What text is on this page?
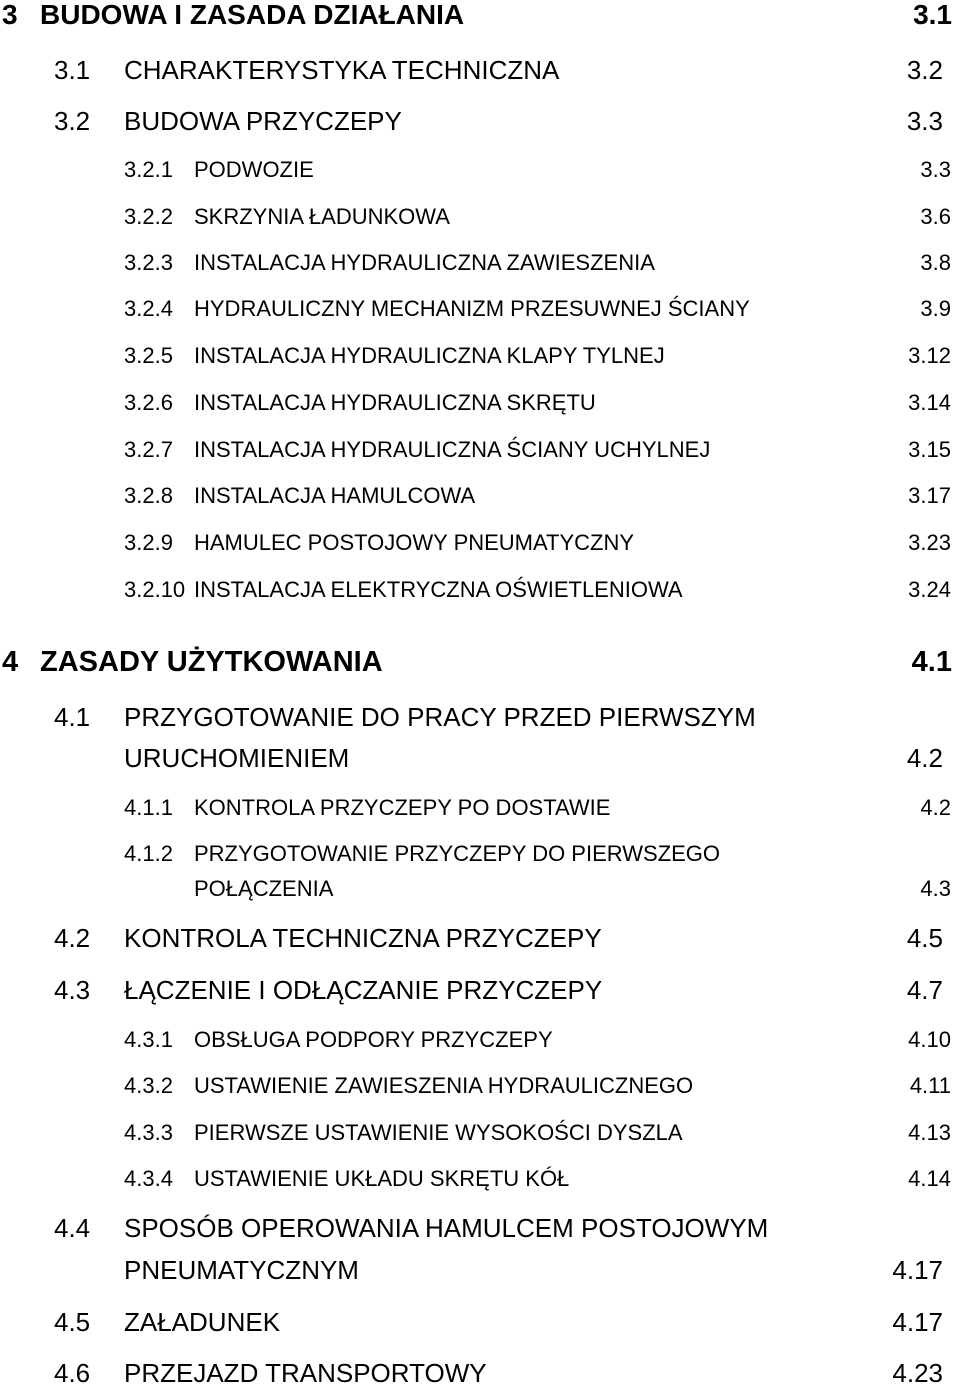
3 BUDOWA I ZASADA DZIAŁANIA	3.1
3.1 CHARAKTERYSTYKA TECHNICZNA	3.2
3.2 BUDOWA PRZYCZEPY	3.3
3.2.1 PODWOZIE	3.3
3.2.2 SKRZYNIA ŁADUNKOWA	3.6
3.2.3 INSTALACJA HYDRAULICZNA ZAWIESZENIA	3.8
3.2.4 HYDRAULICZNY MECHANIZM PRZESUWNEJ ŚCIANY	3.9
3.2.5 INSTALACJA HYDRAULICZNA KLAPY TYLNEJ	3.12
3.2.6 INSTALACJA HYDRAULICZNA SKRĘTU	3.14
3.2.7 INSTALACJA HYDRAULICZNA ŚCIANY UCHYLNEJ	3.15
3.2.8 INSTALACJA HAMULCOWA	3.17
3.2.9 HAMULEC POSTOJOWY PNEUMATYCZNY	3.23
3.2.10 INSTALACJA ELEKTRYCZNA OŚWIETLENIOWA	3.24
4 ZASADY UŻYTKOWANIA	4.1
4.1 PRZYGOTOWANIE DO PRACY PRZED PIERWSZYM
URUCHOMIENIEM	4.2
4.1.1 KONTROLA PRZYCZEPY PO DOSTAWIE	4.2
4.1.2 PRZYGOTOWANIE PRZYCZEPY DO PIERWSZEGO
POŁĄCZENIA	4.3
4.2 KONTROLA TECHNICZNA PRZYCZEPY	4.5
4.3 ŁĄCZENIE I ODŁĄCZANIE PRZYCZEPY	4.7
4.3.1 OBSŁUGA PODPORY PRZYCZEPY	4.10
4.3.2 USTAWIENIE ZAWIESZENIA HYDRAULICZNEGO	4.11
4.3.3 PIERWSZE USTAWIENIE WYSOKOŚCI DYSZLA	4.13
4.3.4 USTAWIENIE UKŁADU SKRĘTU KÓŁ	4.14
4.4 SPOSÓB OPEROWANIA HAMULCEM POSTOJOWYM
PNEUMATYCZNYM	4.17
4.5 ZAŁADUNEK	4.17
4.6 PRZEJAZD TRANSPORTOWY	4.23
